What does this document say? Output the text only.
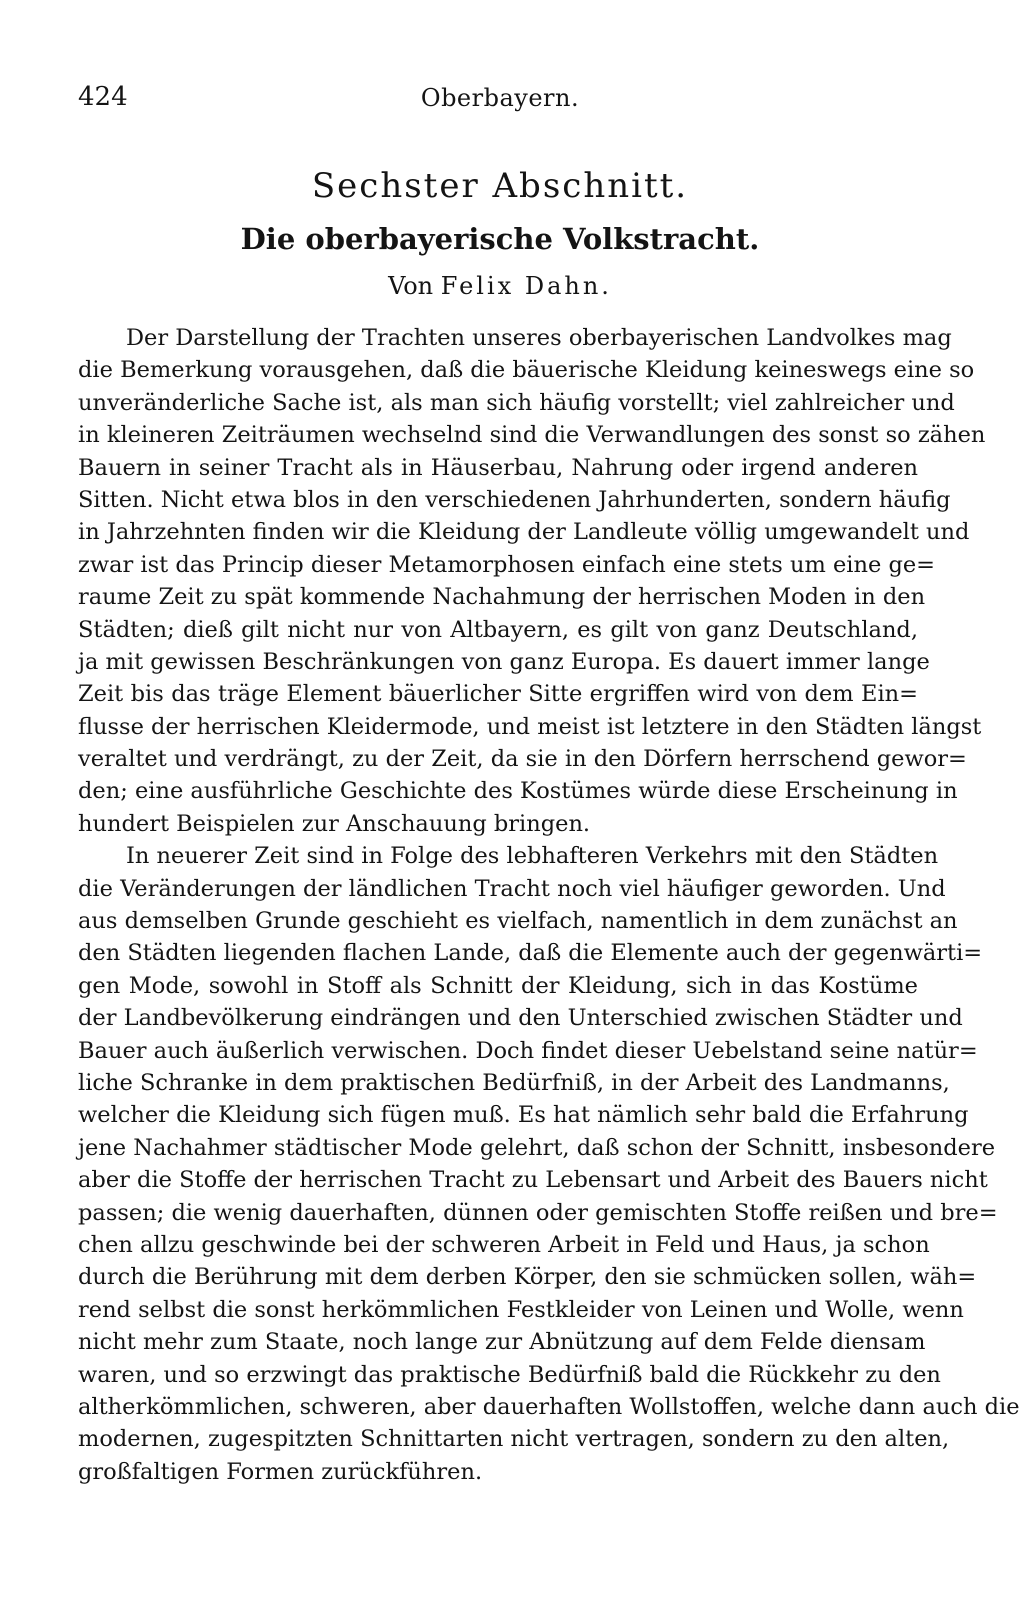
424	Oberbayern.
Sechster Abschnitt.
Die oberbayerische Volkstracht.
Von Felix Dahn.
Der Darstellung der Trachten unseres oberbayerischen Landvolkes mag
die Bemerkung vorausgehen, daß die bäuerische Kleidung keineswegs eine so
unveränderliche Sache ist, als man sich häufig vorstellt; viel zahlreicher und
in kleineren Zeiträumen wechselnd sind die Verwandlungen des sonst so zähen
Bauern in seiner Tracht als in Häuserbau, Nahrung oder irgend anderen
Sitten. Nicht etwa blos in den verschiedenen Jahrhunderten, sondern häufig
in Jahrzehnten finden wir die Kleidung der Landleute völlig umgewandelt und
zwar ist das Princip dieser Metamorphosen einfach eine stets um eine ge=
raume Zeit zu spät kommende Nachahmung der herrischen Moden in den
Städten; dieß gilt nicht nur von Altbayern, es gilt von ganz Deutschland,
ja mit gewissen Beschränkungen von ganz Europa. Es dauert immer lange
Zeit bis das träge Element bäuerlicher Sitte ergriffen wird von dem Ein=
flusse der herrischen Kleidermode, und meist ist letztere in den Städten längst
veraltet und verdrängt, zu der Zeit, da sie in den Dörfern herrschend gewor=
den; eine ausführliche Geschichte des Kostümes würde diese Erscheinung in
hundert Beispielen zur Anschauung bringen.
In neuerer Zeit sind in Folge des lebhafteren Verkehrs mit den Städten
die Veränderungen der ländlichen Tracht noch viel häufiger geworden. Und
aus demselben Grunde geschieht es vielfach, namentlich in dem zunächst an
den Städten liegenden flachen Lande, daß die Elemente auch der gegenwärti=
gen Mode, sowohl in Stoff als Schnitt der Kleidung, sich in das Kostüme
der Landbevölkerung eindrängen und den Unterschied zwischen Städter und
Bauer auch äußerlich verwischen. Doch findet dieser Uebelstand seine natür=
liche Schranke in dem praktischen Bedürfniß, in der Arbeit des Landmanns,
welcher die Kleidung sich fügen muß. Es hat nämlich sehr bald die Erfahrung
jene Nachahmer städtischer Mode gelehrt, daß schon der Schnitt, insbesondere
aber die Stoffe der herrischen Tracht zu Lebensart und Arbeit des Bauers nicht
passen; die wenig dauerhaften, dünnen oder gemischten Stoffe reißen und bre=
chen allzu geschwinde bei der schweren Arbeit in Feld und Haus, ja schon
durch die Berührung mit dem derben Körper, den sie schmücken sollen, wäh=
rend selbst die sonst herkömmlichen Festkleider von Leinen und Wolle, wenn
nicht mehr zum Staate, noch lange zur Abnützung auf dem Felde diensam
waren, und so erzwingt das praktische Bedürfniß bald die Rückkehr zu den
altherkömmlichen, schweren, aber dauerhaften Wollstoffen, welche dann auch die
modernen, zugespitzten Schnittarten nicht vertragen, sondern zu den alten,
großfaltigen Formen zurückführen.
